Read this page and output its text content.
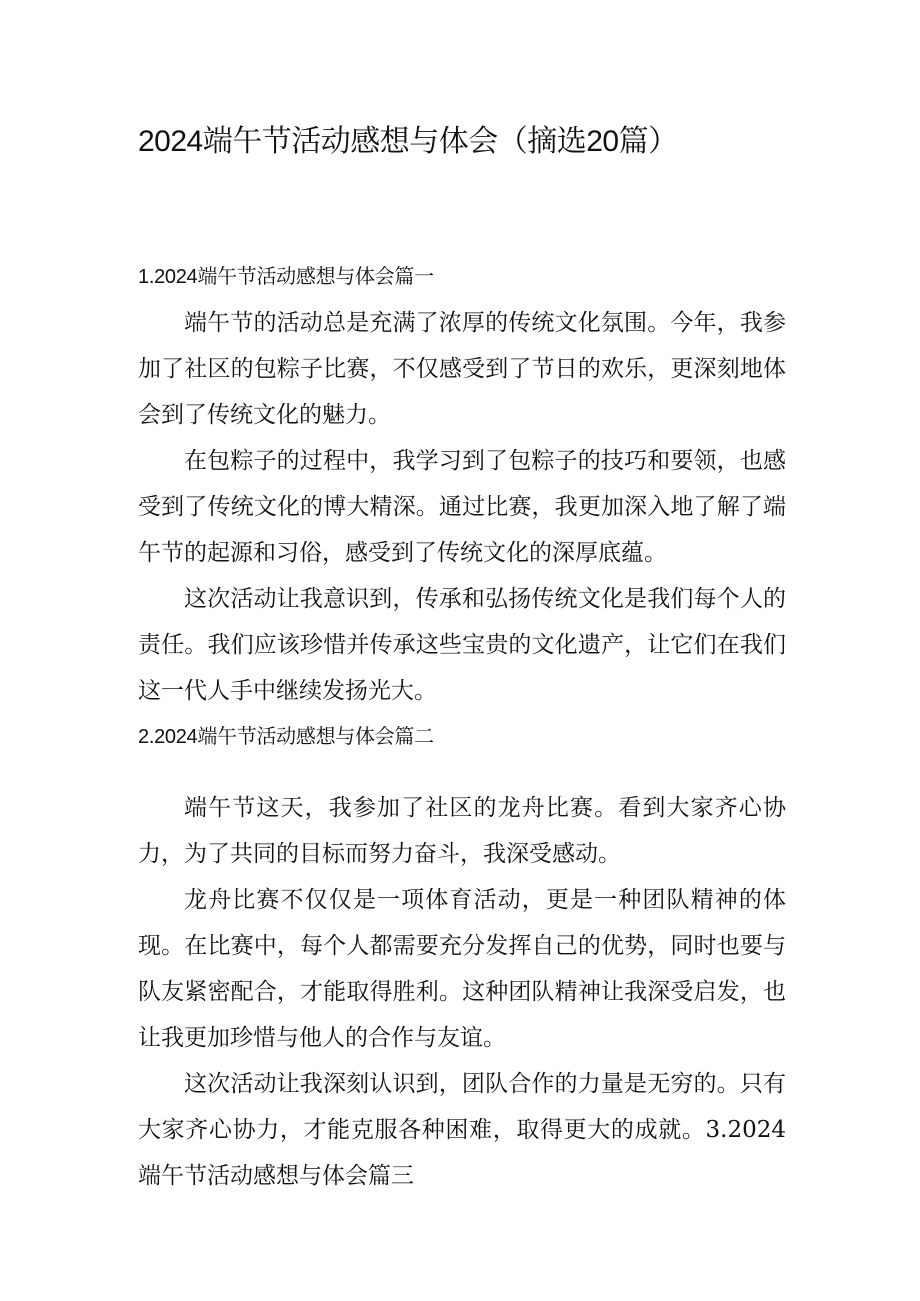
2024端午节活动感想与体会（摘选20篇）
1.2024端午节活动感想与体会篇一

端午节的活动总是充满了浓厚的传统文化氛围。今年，我参加了社区的包粽子比赛，不仅感受到了节日的欢乐，更深刻地体会到了传统文化的魅力。

在包粽子的过程中，我学习到了包粽子的技巧和要领，也感受到了传统文化的博大精深。通过比赛，我更加深入地了解了端午节的起源和习俗，感受到了传统文化的深厚底蕴。

这次活动让我意识到，传承和弘扬传统文化是我们每个人的责任。我们应该珍惜并传承这些宝贵的文化遗产，让它们在我们这一代人手中继续发扬光大。

2.2024端午节活动感想与体会篇二

端午节这天，我参加了社区的龙舟比赛。看到大家齐心协力，为了共同的目标而努力奋斗，我深受感动。

龙舟比赛不仅仅是一项体育活动，更是一种团队精神的体现。在比赛中，每个人都需要充分发挥自己的优势，同时也要与队友紧密配合，才能取得胜利。这种团队精神让我深受启发，也让我更加珍惜与他人的合作与友谊。

这次活动让我深刻认识到，团队合作的力量是无穷的。只有大家齐心协力，才能克服各种困难，取得更大的成就。3.2024端午节活动感想与体会篇三
